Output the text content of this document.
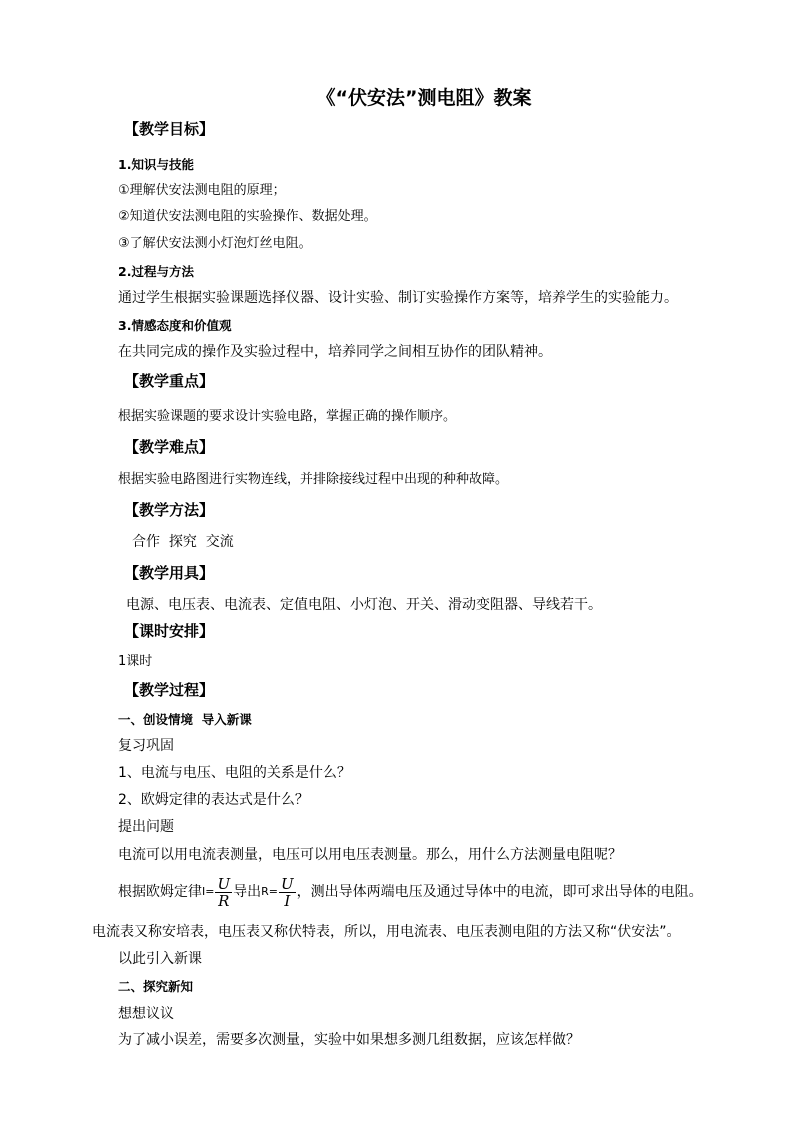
《“伏安法”测电阻》教案
【教学目标】
1.知识与技能
①理解伏安法测电阻的原理；
②知道伏安法测电阻的实验操作、数据处理。
③了解伏安法测小灯泡灯丝电阻。
2.过程与方法
通过学生根据实验课题选择仪器、设计实验、制订实验操作方案等，培养学生的实验能力。
3.情感态度和价值观
在共同完成的操作及实验过程中，培养同学之间相互协作的团队精神。
【教学重点】
根据实验课题的要求设计实验电路，掌握正确的操作顺序。
【教学难点】
根据实验电路图进行实物连线，并排除接线过程中出现的种种故障。
【教学方法】
合作  探究  交流
【教学用具】
电源、电压表、电流表、定值电阻、小灯泡、开关、滑动变阻器、导线若干。
【课时安排】
1课时
【教学过程】
一、创设情境  导入新课
复习巩固
1、电流与电压、电阻的关系是什么？
2、欧姆定律的表达式是什么？
提出问题
电流可以用电流表测量，电压可以用电压表测量。那么，用什么方法测量电阻呢？
根据欧姆定律 $I= \frac{U}{R}$ 导出 $R= \frac{U}{I}$ ，测出导体两端电压及通过导体中的电流，即可求出导体的电阻。
电流表又称安培表，电压表又称伏特表，所以，用电流表、电压表测电阻的方法又称“伏安法”。
以此引入新课
二、探究新知
想想议议
为了减小误差，需要多次测量，实验中如果想多测几组数据，应该怎样做？
